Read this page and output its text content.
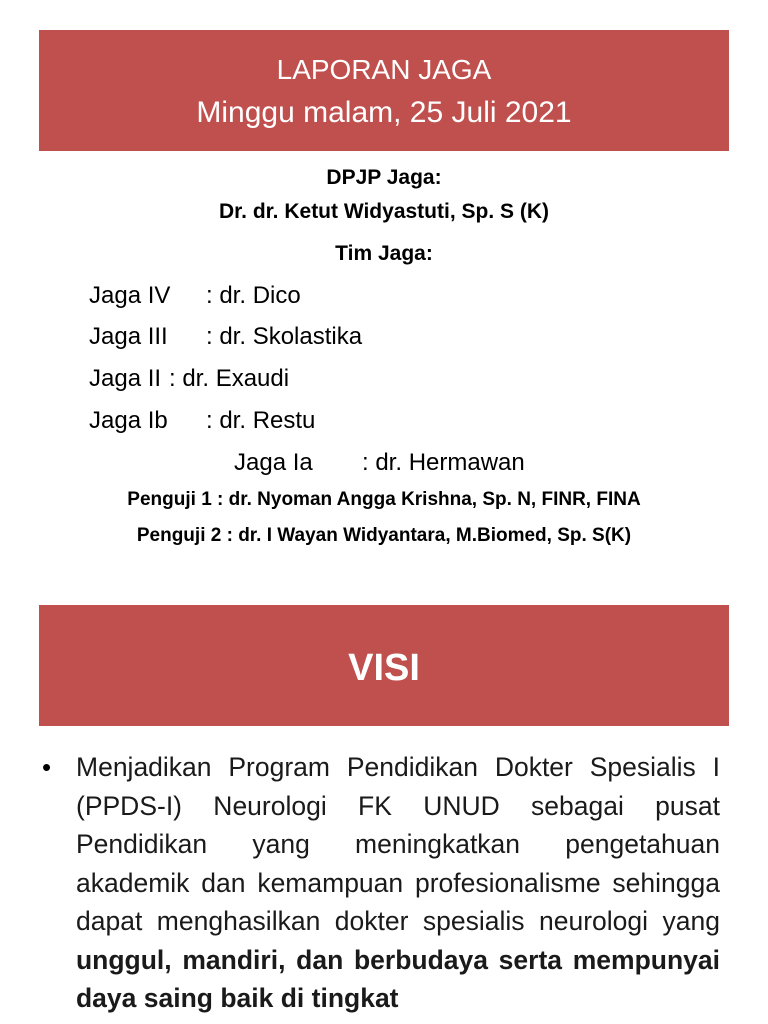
LAPORAN JAGA
Minggu malam, 25 Juli 2021
DPJP Jaga:
Dr. dr. Ketut Widyastuti, Sp. S (K)
Tim Jaga:
Jaga IV : dr. Dico
Jaga III : dr. Skolastika
Jaga II : dr. Exaudi
Jaga Ib : dr. Restu
Jaga Ia : dr. Hermawan
Penguji 1 : dr. Nyoman Angga Krishna, Sp. N, FINR, FINA
Penguji 2 : dr. I Wayan Widyantara, M.Biomed, Sp. S(K)
VISI
• Menjadikan Program Pendidikan Dokter Spesialis I (PPDS-I) Neurologi FK UNUD sebagai pusat Pendidikan yang meningkatkan pengetahuan akademik dan kemampuan profesionalisme sehingga dapat menghasilkan dokter spesialis neurologi yang unggul, mandiri, dan berbudaya serta mempunyai daya saing baik di tingkat
